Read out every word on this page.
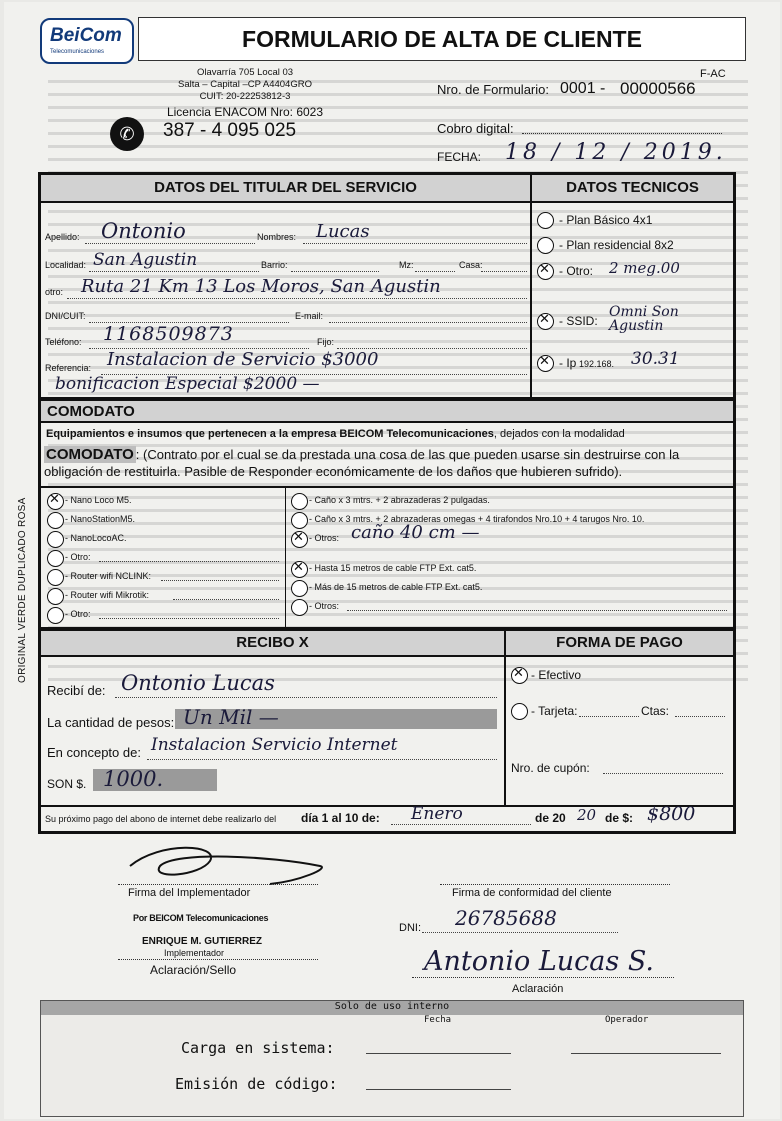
ORIGINAL VERDE DUPLICADO ROSA
BeiCom
Telecomunicaciones	FORMULARIO DE ALTA DE CLIENTE
Olavarría 705 Local 03
Salta – Capital –CP A4404GRO
CUIT: 20-22253812-3
Licencia ENACOM Nro: 6023
✆	387 - 4 095 025
F-AC
Nro. de Formulario: 0001 - 00000566
Cobro digital:
FECHA: 18 / 12 / 2019.
DATOS DEL TITULAR DEL SERVICIO	DATOS TECNICOS
Apellido: Ontonio	Nombres: Lucas
Localidad: San Agustin	Barrio:	Mz:	Casa:
otro: Ruta 21 Km 13 Los Moros, San Agustin
DNI/CUIT:	E-mail:
Teléfono: 1168509873	Fijo:
Referencia: Instalacion de Servicio $3000
bonificacion Especial $2000 —
- Plan Básico 4x1
- Plan residencial 8x2
✕
- Otro: 2 meg.00
✕
- SSID:
Omni Son Agustin
✕
- Ip 192.168. 30.31
COMODATO
Equipamientos e insumos que pertenecen a la empresa BEICOM Telecomunicaciones, dejados con la modalidad
COMODATO : (Contrato por el cual se da prestada una cosa de las que pueden usarse sin destruirse con la
obligación de restituirla. Pasible de Responder económicamente de los daños que hubieren sufrido).
✕
- Nano Loco M5.
- NanoStationM5.
- NanoLocoAC.
- Otro:
- Router wifi NCLINK:
- Router wifi Mikrotik:
- Otro:
- Caño x 3 mtrs. + 2 abrazaderas 2 pulgadas.
- Caño x 3 mtrs. + 2 abrazaderas omegas + 4 tirafondos Nro.10 + 4 tarugos Nro. 10.
✕
- Otros: caño 40 cm —
✕
- Hasta 15 metros de cable FTP Ext. cat5.
- Más de 15 metros de cable FTP Ext. cat5.
- Otros:
RECIBO X	FORMA DE PAGO
Recibí de: Ontonio Lucas
La cantidad de pesos: Un Mil —
En concepto de: Instalacion Servicio Internet
SON $. 1000.
✕
- Efectivo
- Tarjeta:	Ctas:
Nro. de cupón:
Su próximo pago del abono de internet debe realizarlo del día 1 al 10 de: Enero	de 20 20 de $: $800
Firma del Implementador
Por BEICOM Telecomunicaciones
ENRIQUE M. GUTIERREZ
Implementador
Aclaración/Sello
Firma de conformidad del cliente
DNI: 26785688
Antonio Lucas S.
Aclaración
Solo de uso interno
Fecha	Operador
Carga en sistema:
Emisión de código:
